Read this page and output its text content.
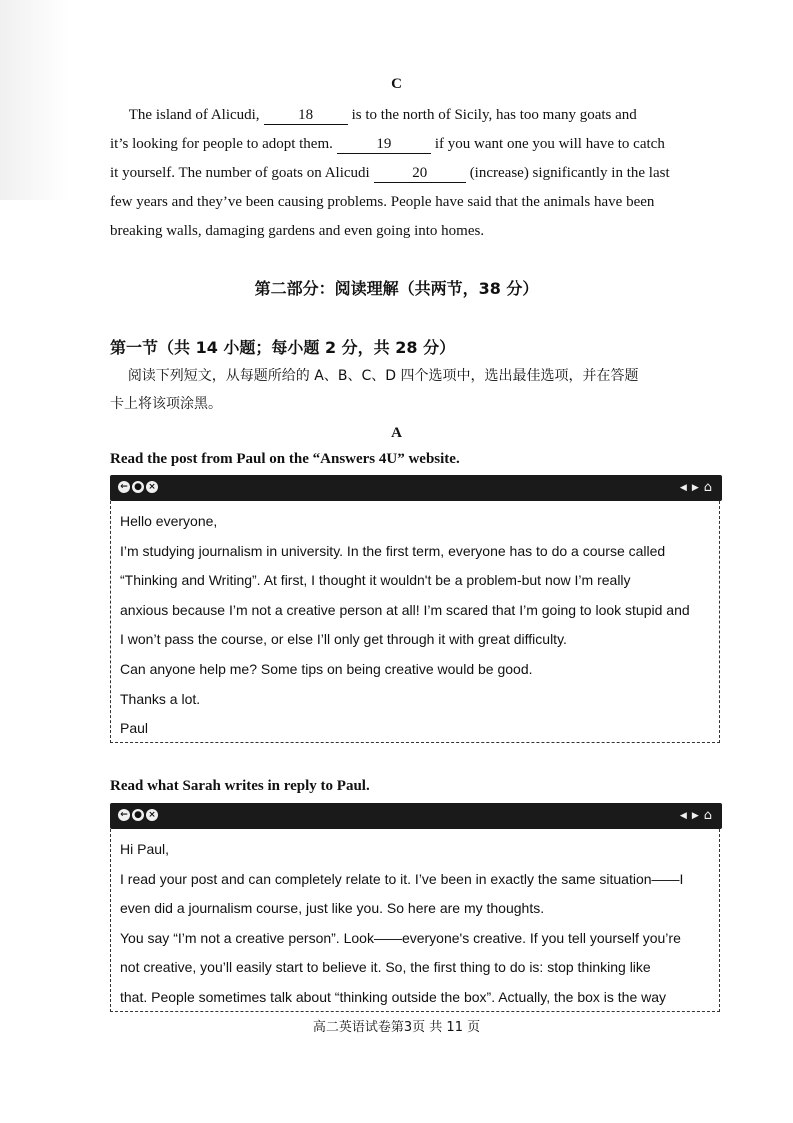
C
The island of Alicudi,	18	is to the north of Sicily, has too many goats and
it’s looking for people to adopt them.	19	if you want one you will have to catch
it yourself. The number of goats on Alicudi	20	(increase) significantly in the last
few years and they’ve been causing problems. People have said that the animals have been
breaking walls, damaging gardens and even going into homes.
第二部分：阅读理解（共两节，38 分）
第一节（共 14 小题；每小题 2 分，共 28 分）
阅读下列短文，从每题所给的 A、B、C、D 四个选项中，选出最佳选项，并在答题
卡上将该项涂黑。
A
Read the post from Paul on the “Answers 4U” website.
← ● ×	◀ ▶ ⌂
Hello everyone,
I’m studying journalism in university. In the first term, everyone has to do a course called
“Thinking and Writing”. At first, I thought it wouldn't be a problem-but now I’m really
anxious because I’m not a creative person at all! I’m scared that I’m going to look stupid and
I won’t pass the course, or else I’ll only get through it with great difficulty.
Can anyone help me? Some tips on being creative would be good.
Thanks a lot.
Paul
Read what Sarah writes in reply to Paul.
← ● ×	◀ ▶ ⌂
Hi Paul,
I read your post and can completely relate to it. I’ve been in exactly the same situation——I
even did a journalism course, just like you. So here are my thoughts.
You say “I’m not a creative person”. Look——everyone's creative. If you tell yourself you’re
not creative, you’ll easily start to believe it. So, the first thing to do is: stop thinking like
that. People sometimes talk about “thinking outside the box”. Actually, the box is the way
高二英语试卷第3页 共 11 页
